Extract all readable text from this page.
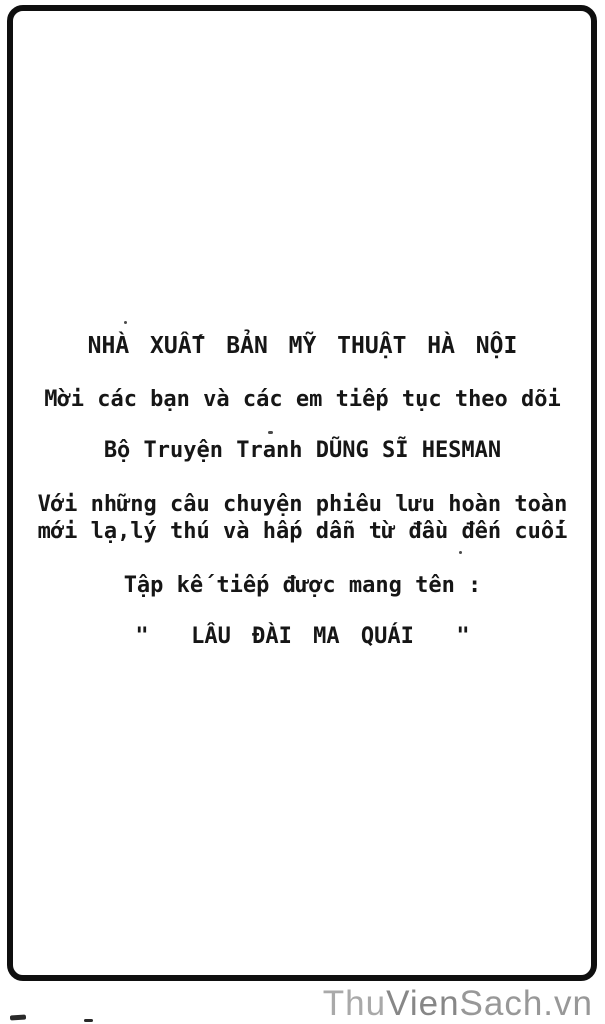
NHÀ XUẤT BẢN MỸ THUẬT HÀ NỘI
Mời các bạn và các em tiếp tục theo dõi
Bộ Truyện Tranh DŨNG SĨ HESMAN
Với những câu chuyện phiêu lưu hoàn toàn
mới lạ,lý thú và hấp dẫn từ đầu đến cuối
Tập kế tiếp được mang tên :
"  LÂU ĐÀI MA QUÁI  "
ThuVienSach.vn
